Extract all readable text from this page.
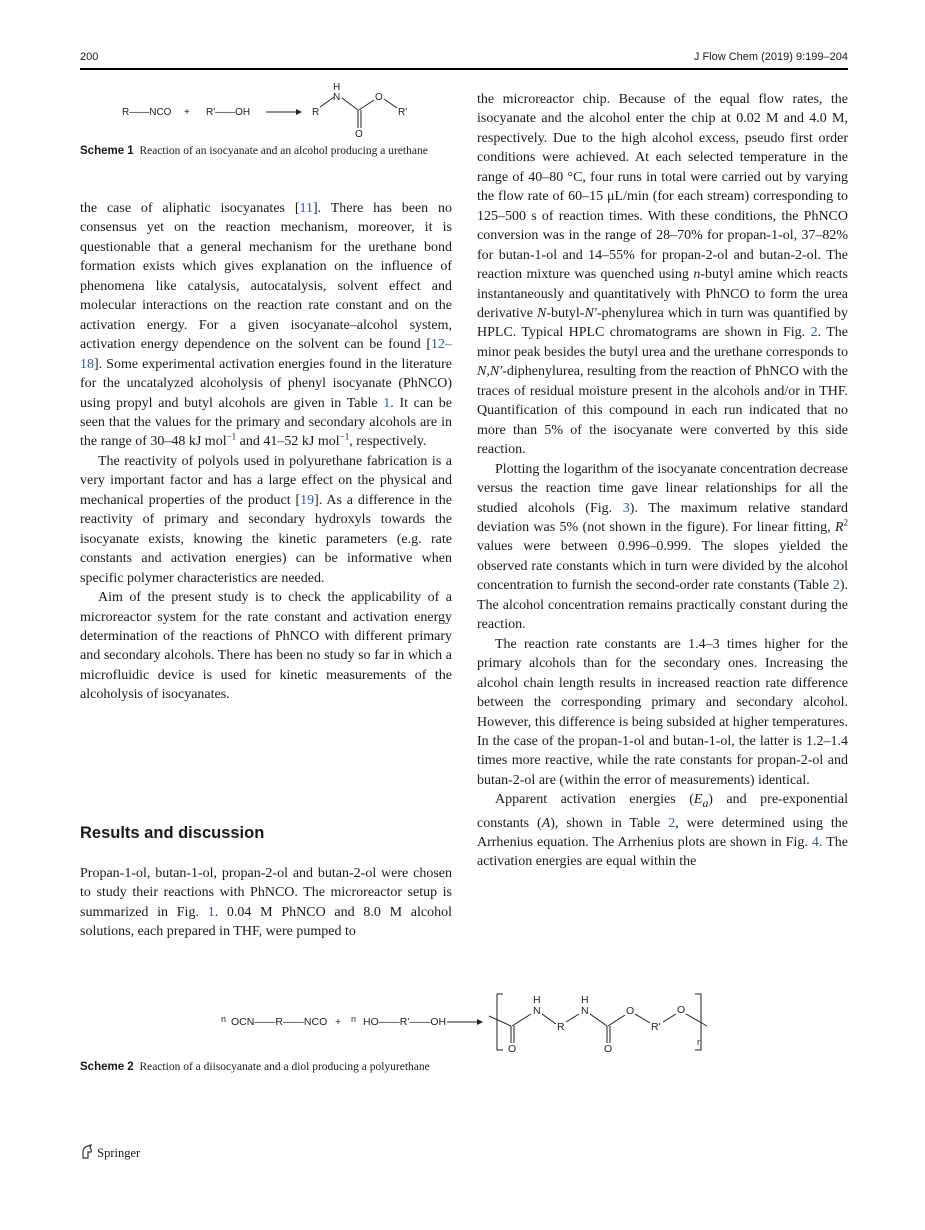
200	J Flow Chem (2019) 9:199–204
R——NCO + R'——OH	R
H
N
O
O
R'
Scheme 1 Reaction of an isocyanate and an alcohol producing a urethane

the case of aliphatic isocyanates [11]. There has been no consensus yet on the reaction mechanism, moreover, it is questionable that a general mechanism for the urethane bond formation exists which gives explanation on the influence of phenomena like catalysis, autocatalysis, solvent effect and molecular interactions on the reaction rate constant and on the activation energy. For a given isocyanate–alcohol system, activation energy dependence on the solvent can be found [12–18]. Some experimental activation energies found in the literature for the uncatalyzed alcoholysis of phenyl isocyanate (PhNCO) using propyl and butyl alcohols are given in Table 1. It can be seen that the values for the primary and secondary alcohols are in the range of 30–48 kJ mol$^{-1}$ and 41–52 kJ mol$^{-1}$, respectively.

The reactivity of polyols used in polyurethane fabrication is a very important factor and has a large effect on the physical and mechanical properties of the product [19]. As a difference in the reactivity of primary and secondary hydroxyls towards the isocyanate exists, knowing the kinetic parameters (e.g. rate constants and activation energies) can be informative when specific polymer characteristics are needed.

Aim of the present study is to check the applicability of a microreactor system for the rate constant and activation energy determination of the reactions of PhNCO with different primary and secondary alcohols. There has been no study so far in which a microfluidic device is used for kinetic measurements of the alcoholysis of isocyanates.

Results and discussion

Propan-1-ol, butan-1-ol, propan-2-ol and butan-2-ol were chosen to study their reactions with PhNCO. The microreactor setup is summarized in Fig. 1. 0.04 M PhNCO and 8.0 M alcohol solutions, each prepared in THF, were pumped to

the microreactor chip. Because of the equal flow rates, the isocyanate and the alcohol enter the chip at 0.02 M and 4.0 M, respectively. Due to the high alcohol excess, pseudo first order conditions were achieved. At each selected temperature in the range of 40–80 °C, four runs in total were carried out by varying the flow rate of 60–15 μL/min (for each stream) corresponding to 125–500 s of reaction times. With these conditions, the PhNCO conversion was in the range of 28–70% for propan-1-ol, 37–82% for butan-1-ol and 14–55% for propan-2-ol and butan-2-ol. The reaction mixture was quenched using n-butyl amine which reacts instantaneously and quantitatively with PhNCO to form the urea derivative N-butyl-N′-phenylurea which in turn was quantified by HPLC. Typical HPLC chromatograms are shown in Fig. 2. The minor peak besides the butyl urea and the urethane corresponds to N,N′-diphenylurea, resulting from the reaction of PhNCO with the traces of residual moisture present in the alcohols and/or in THF. Quantification of this compound in each run indicated that no more than 5% of the isocyanate were converted by this side reaction.

Plotting the logarithm of the isocyanate concentration decrease versus the reaction time gave linear relationships for all the studied alcohols (Fig. 3). The maximum relative standard deviation was 5% (not shown in the figure). For linear fitting, $R^2$ values were between 0.996–0.999. The slopes yielded the observed rate constants which in turn were divided by the alcohol concentration to furnish the second-order rate constants (Table 2). The alcohol concentration remains practically constant during the reaction.

The reaction rate constants are 1.4–3 times higher for the primary alcohols than for the secondary ones. Increasing the alcohol chain length results in increased reaction rate difference between the corresponding primary and secondary alcohol. However, this difference is being subsided at higher temperatures. In the case of the propan-1-ol and butan-1-ol, the latter is 1.2–1.4 times more reactive, while the rate constants for propan-2-ol and butan-2-ol are (within the error of measurements) identical.

Apparent activation energies $(E_a)$ and pre-exponential constants (A), shown in Table 2, were determined using the Arrhenius equation. The Arrhenius plots are shown in Fig. 4. The activation energies are equal within the

n OCN——R——NCO + n HO——R'——OH
O
H
N
R
H
N
O
O
R'
O
n
Scheme 2 Reaction of a diisocyanate and a diol producing a polyurethane
Springer
